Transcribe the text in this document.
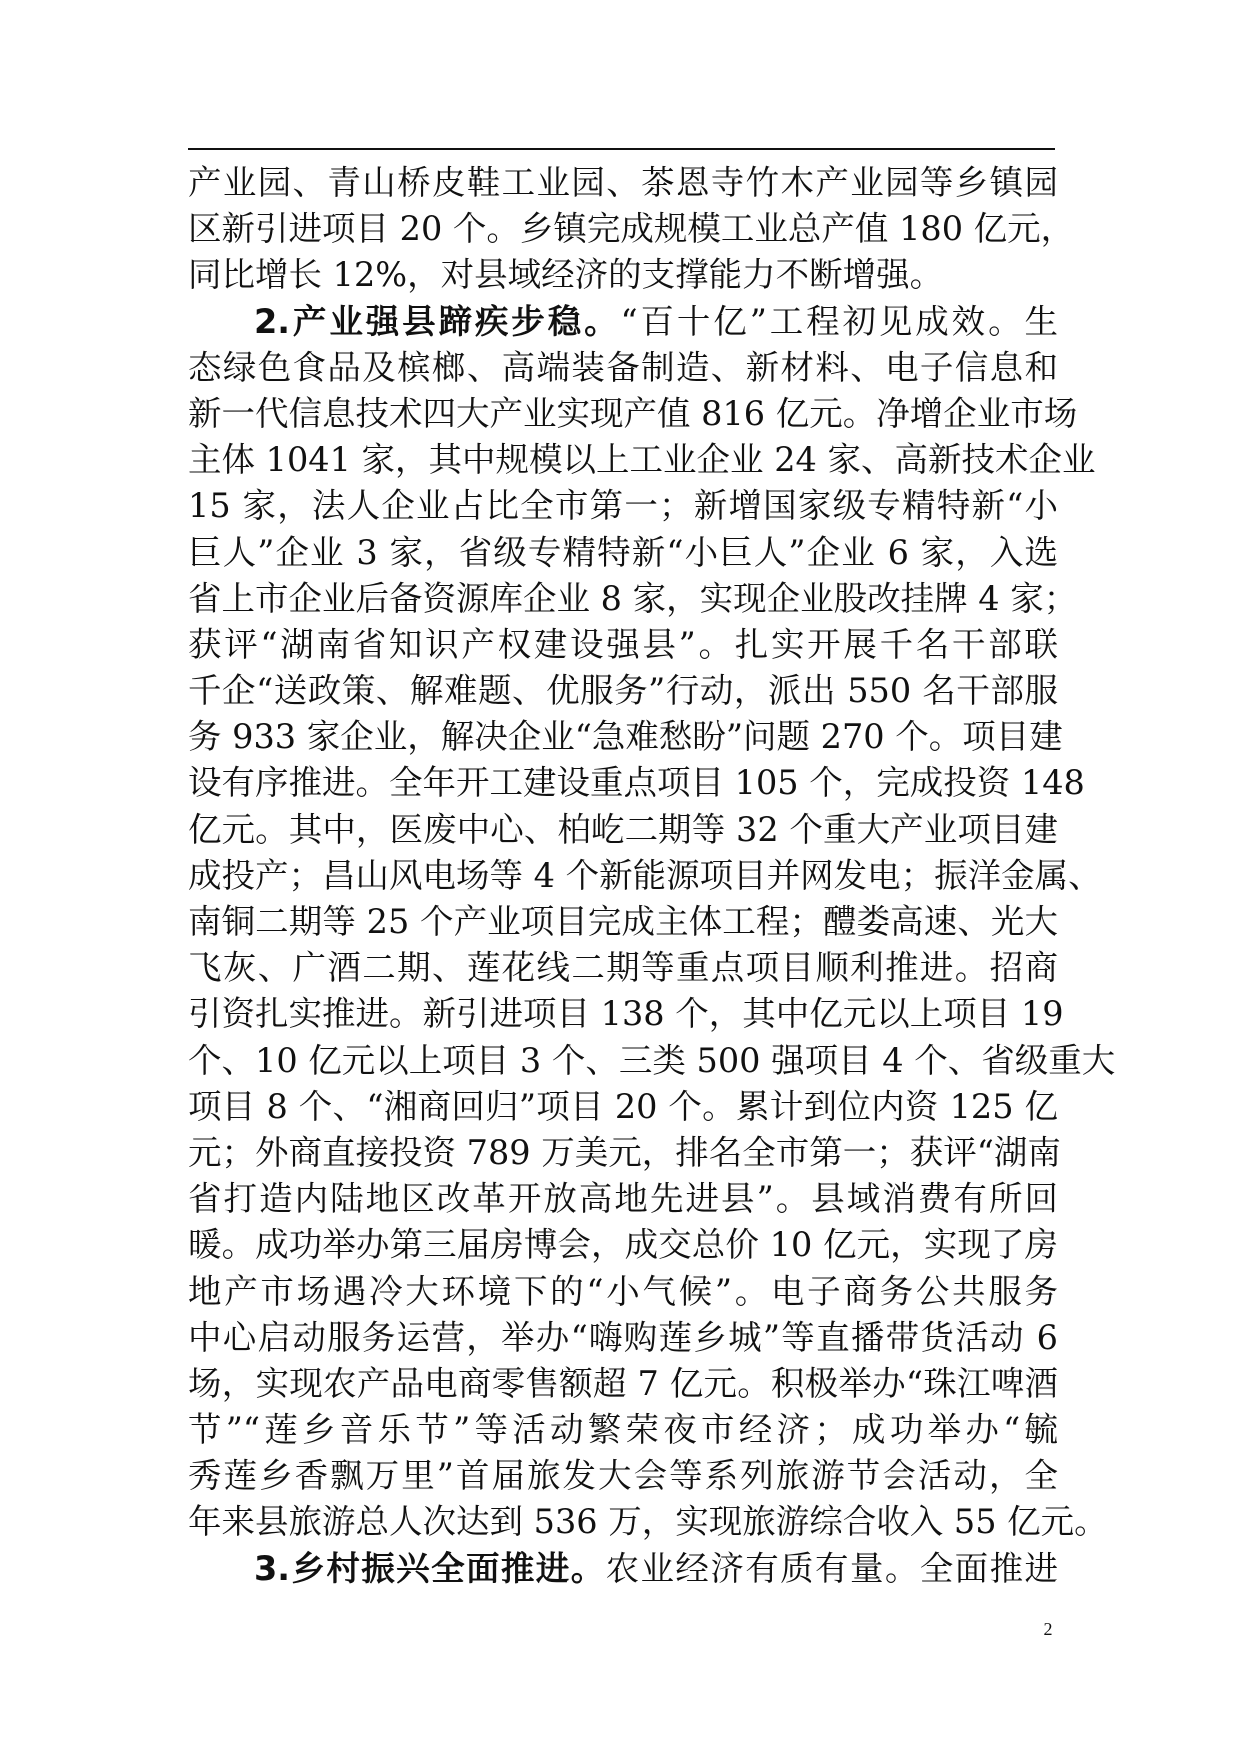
产业园、青山桥皮鞋工业园、茶恩寺竹木产业园等乡镇园
区新引进项目 20 个。乡镇完成规模工业总产值 180 亿元，
同比增长 12%，对县域经济的支撑能力不断增强。
2.产业强县蹄疾步稳。“百十亿”工程初见成效。生
态绿色食品及槟榔、高端装备制造、新材料、电子信息和
新一代信息技术四大产业实现产值 816 亿元。净增企业市场
主体 1041 家，其中规模以上工业企业 24 家、高新技术企业
15 家，法人企业占比全市第一；新增国家级专精特新“小
巨人”企业 3 家，省级专精特新“小巨人”企业 6 家，入选
省上市企业后备资源库企业 8 家，实现企业股改挂牌 4 家；
获评“湖南省知识产权建设强县”。扎实开展千名干部联
千企“送政策、解难题、优服务”行动，派出 550 名干部服
务 933 家企业，解决企业“急难愁盼”问题 270 个。项目建
设有序推进。全年开工建设重点项目 105 个，完成投资 148
亿元。其中，医废中心、柏屹二期等 32 个重大产业项目建
成投产；昌山风电场等 4 个新能源项目并网发电；振洋金属、
南铜二期等 25 个产业项目完成主体工程；醴娄高速、光大
飞灰、广酒二期、莲花线二期等重点项目顺利推进。招商
引资扎实推进。新引进项目 138 个，其中亿元以上项目 19
个、10 亿元以上项目 3 个、三类 500 强项目 4 个、省级重大
项目 8 个、“湘商回归”项目 20 个。累计到位内资 125 亿
元；外商直接投资 789 万美元，排名全市第一；获评“湖南
省打造内陆地区改革开放高地先进县”。县域消费有所回
暖。成功举办第三届房博会，成交总价 10 亿元，实现了房
地产市场遇冷大环境下的“小气候”。电子商务公共服务
中心启动服务运营，举办“嗨购莲乡城”等直播带货活动 6
场，实现农产品电商零售额超 7 亿元。积极举办“珠江啤酒
节”“莲乡音乐节”等活动繁荣夜市经济；成功举办“毓
秀莲乡香飘万里”首届旅发大会等系列旅游节会活动，全
年来县旅游总人次达到 536 万，实现旅游综合收入 55 亿元。
3.乡村振兴全面推进。农业经济有质有量。全面推进
2
